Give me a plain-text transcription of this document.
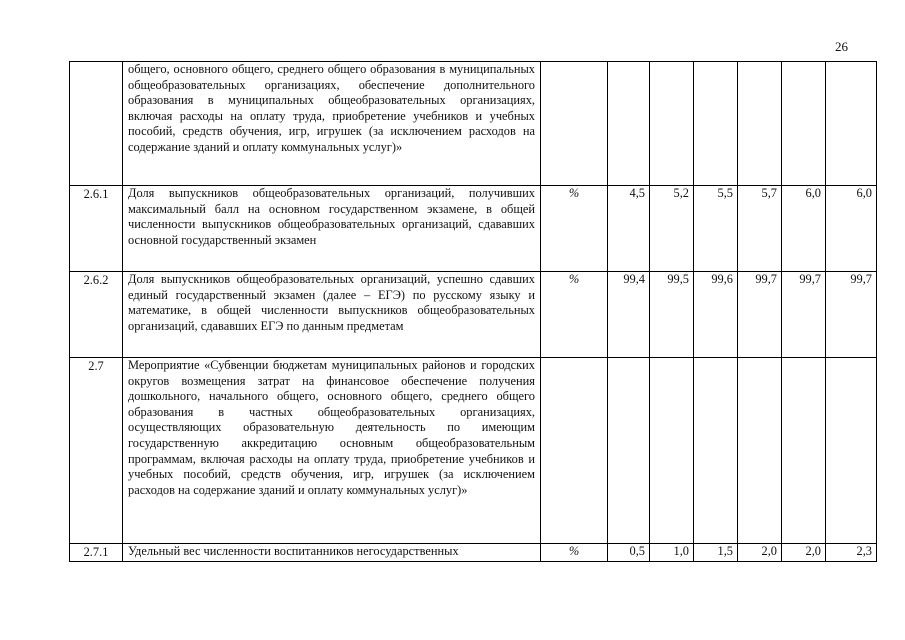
26
	общего, основного общего, среднего общего образования в муниципальных общеобразовательных организациях, обеспечение дополнительного образования в муниципальных общеобразовательных организациях, включая расходы на оплату труда, приобретение учебников и учебных пособий, средств обучения, игр, игрушек (за исключением расходов на содержание зданий и оплату коммунальных услуг)»							
2.6.1	Доля выпускников общеобразовательных организаций, получивших максимальный балл на основном государственном экзамене, в общей численности выпускников общеобразовательных организаций, сдававших основной государственный экзамен	%	4,5	5,2	5,5	5,7	6,0	6,0
2.6.2	Доля выпускников общеобразовательных организаций, успешно сдавших единый государственный экзамен (далее – ЕГЭ) по русскому языку и математике, в общей численности выпускников общеобразовательных организаций, сдававших ЕГЭ по данным предметам	%	99,4	99,5	99,6	99,7	99,7	99,7
2.7	Мероприятие «Субвенции бюджетам муниципальных районов и городских округов возмещения затрат на финансовое обеспечение получения дошкольного, начального общего, основного общего, среднего общего образования в частных общеобразовательных организациях, осуществляющих образовательную деятельность по имеющим государственную аккредитацию основным общеобразовательным программам, включая расходы на оплату труда, приобретение учебников и учебных пособий, средств обучения, игр, игрушек (за исключением расходов на содержание зданий и оплату коммунальных услуг)»							
2.7.1	Удельный вес численности воспитанников негосударственных	%	0,5	1,0	1,5	2,0	2,0	2,3
